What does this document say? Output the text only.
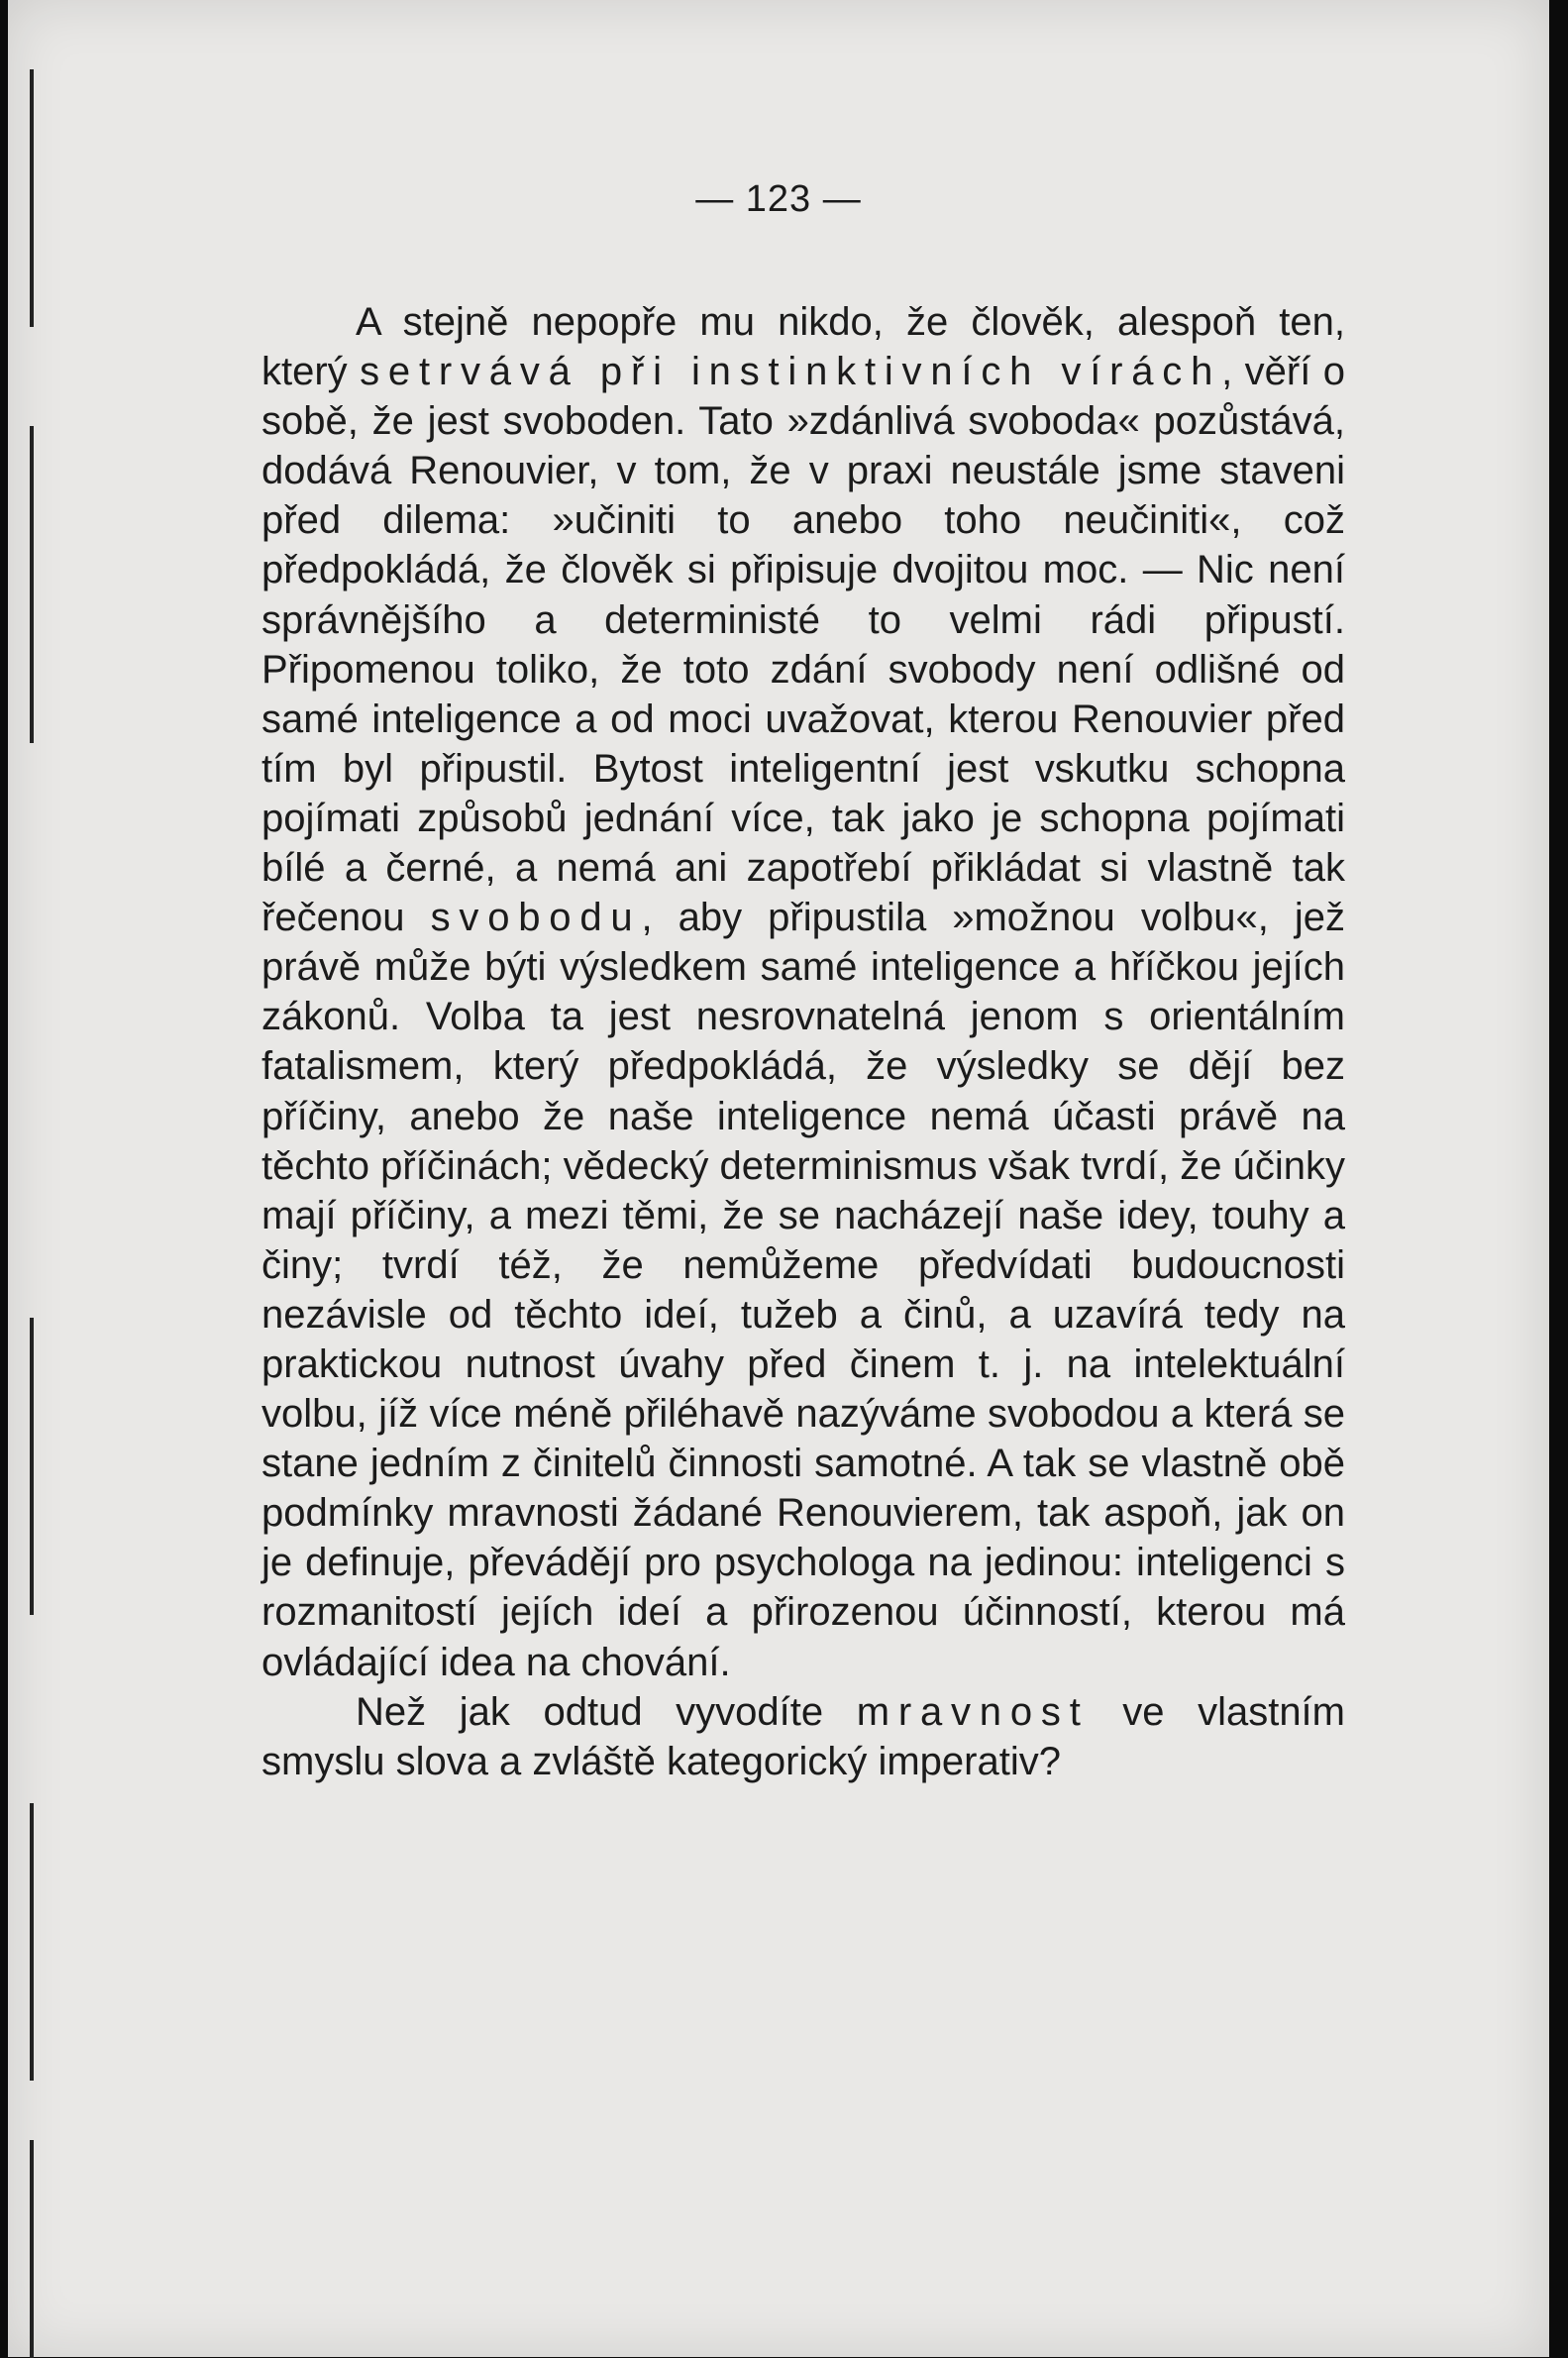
— 123 —

A stejně nepopře mu nikdo, že člověk, alespoň ten, který setrvává při instinktivních vírách, věří o sobě, že jest svoboden. Tato »zdánlivá svoboda« pozůstává, dodává Renouvier, v tom, že v praxi neustále jsme staveni před dilema: »učiniti to anebo toho neučiniti«, což předpokládá, že člověk si připisuje dvojitou moc. — Nic není správnějšího a deterministé to velmi rádi připustí. Připomenou toliko, že toto zdání svobody není odlišné od samé inteligence a od moci uvažovat, kterou Renouvier před tím byl připustil. Bytost inteligentní jest vskutku schopna pojímati způsobů jednání více, tak jako je schopna pojímati bílé a černé, a nemá ani zapotřebí přikládat si vlastně tak řečenou svobodu, aby připustila »možnou volbu«, jež právě může býti výsledkem samé inteligence a hříčkou jejích zákonů. Volba ta jest nesrovnatelná jenom s orientálním fatalismem, který předpokládá, že výsledky se dějí bez příčiny, anebo že naše inteligence nemá účasti právě na těchto příčinách; vědecký determinismus však tvrdí, že účinky mají příčiny, a mezi těmi, že se nacházejí naše idey, touhy a činy; tvrdí též, že nemůžeme předvídati budoucnosti nezávisle od těchto ideí, tužeb a činů, a uzavírá tedy na praktickou nutnost úvahy před činem t. j. na intelektuální volbu, jíž více méně přiléhavě nazýváme svobodou a která se stane jedním z činitelů činnosti samotné. A tak se vlastně obě podmínky mravnosti žádané Renouvierem, tak aspoň, jak on je definuje, převádějí pro psychologa na jedinou: inteligenci s rozmanitostí jejích ideí a přirozenou účinností, kterou má ovládající idea na chování.

Než jak odtud vyvodíte mravnost ve vlastním smyslu slova a zvláště kategorický imperativ?
